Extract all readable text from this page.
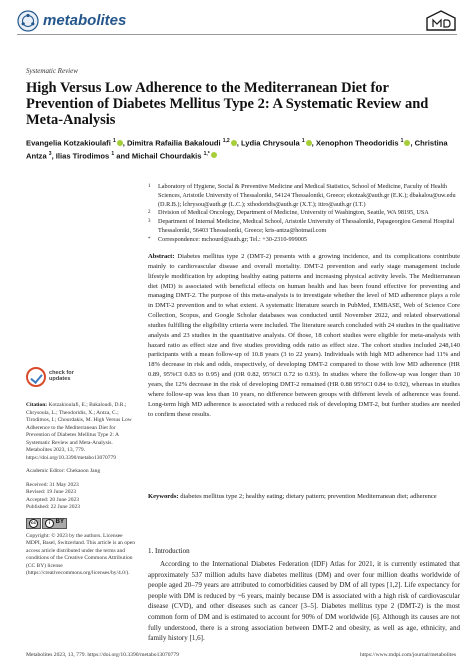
metabolites
Systematic Review
High Versus Low Adherence to the Mediterranean Diet for Prevention of Diabetes Mellitus Type 2: A Systematic Review and Meta-Analysis
Evangelia Kotzakioulafi $^1$ , Dimitra Rafailia Bakaloudi $^{1,2}$ , Lydia Chrysoula $^1$ , Xenophon Theodoridis $^1$ , Christina Antza $^3$, Ilias Tirodimos $^1$ and Michail Chourdakis $^{1,*}$
1	Laboratory of Hygiene, Social & Preventive Medicine and Medical Statistics, School of Medicine, Faculty of Health Sciences, Aristotle University of Thessaloniki, 54124 Thessaloniki, Greece; ekotzak@auth.gr (E.K.); dbakalou@uw.edu (D.R.B.); lchrysou@auth.gr (L.C.); xthodoridis@auth.gr (X.T.); itiro@auth.gr (I.T.)
2	Division of Medical Oncology, Department of Medicine, University of Washington, Seattle, WA 98195, USA
3	Department of Internal Medicine, Medical School, Aristotle University of Thessaloniki, Papageorgiou General Hospital Thessaloniki, 56403 Thessaloniki, Greece; kris-antza@hotmail.com
*	Correspondence: mchourd@auth.gr; Tel.: +30-2310-999005
Abstract: Diabetes mellitus type 2 (DMT-2) presents with a growing incidence, and its complications contribute mainly to cardiovascular disease and overall mortality. DMT-2 prevention and early stage management include lifestyle modification by adopting healthy eating patterns and increasing physical activity levels. The Mediterranean diet (MD) is associated with beneficial effects on human health and has been found effective for preventing and managing DMT-2. The purpose of this meta-analysis is to investigate whether the level of MD adherence plays a role in DMT-2 prevention and to what extent. A systematic literature search in PubMed, EMBASE, Web of Science Core Collection, Scopus, and Google Scholar databases was conducted until November 2022, and related observational studies fulfilling the eligibility criteria were included. The literature search concluded with 24 studies in the qualitative analysis and 23 studies in the quantitative analysis. Of those, 18 cohort studies were eligible for meta-analysis with hazard ratio as effect size and five studies providing odds ratio as effect size. The cohort studies included 248,140 participants with a mean follow-up of 10.8 years (3 to 22 years). Individuals with high MD adherence had 11% and 18% decrease in risk and odds, respectively, of developing DMT-2 compared to those with low MD adherence (HR 0.89, 95%CI 0.83 to 0.95) and (OR 0.82, 95%CI 0.72 to 0.93). In studies where the follow-up was longer than 10 years, the 12% decrease in the risk of developing DMT-2 remained (HR 0.88 95%CI 0.84 to 0.92), whereas in studies where follow-up was less than 10 years, no difference between groups with different levels of adherence was found. Long-term high MD adherence is associated with a reduced risk of developing DMT-2, but further studies are needed to confirm these results.
Keywords: diabetes mellitus type 2; healthy eating; dietary pattern; prevention Mediterranean diet; adherence
check for updates
Citation: Kotzakioulafi, E.; Bakaloudi, D.R.; Chrysoula, L.; Theodoridis, X.; Antza, C.; Tirodimos, I.; Chourdakis, M. High Versus Low Adherence to the Mediterranean Diet for Prevention of Diabetes Mellitus Type 2: A Systematic Review and Meta-Analysis. Metabolites 2023, 13, 779. https://doi.org/10.3390/metabo13070779
Academic Editor: Chekaoon Jang
Received: 31 May 2023
Revised: 19 June 2023
Accepted: 20 June 2023
Published: 22 June 2023
cc	i
BY
Copyright: © 2023 by the authors. Licensee MDPI, Basel, Switzerland. This article is an open access article distributed under the terms and conditions of the Creative Commons Attribution (CC BY) license (https://creativecommons.org/licenses/by/4.0/).
1. Introduction
According to the International Diabetes Federation (IDF) Atlas for 2021, it is currently estimated that approximately 537 million adults have diabetes mellitus (DM) and over four million deaths worldwide of people aged 20–79 years are attributed to comorbidities caused by DM of all types [1,2]. Life expectancy for people with DM is reduced by ~6 years, mainly because DM is associated with a high risk of cardiovascular disease (CVD), and other diseases such as cancer [3–5]. Diabetes mellitus type 2 (DMT-2) is the most common form of DM and is estimated to account for 90% of DM worldwide [6]. Although its causes are not fully understood, there is a strong association between DMT-2 and obesity, as well as age, ethnicity, and family history [1,6].
Metabolites 2023, 13, 779. https://doi.org/10.3390/metabo13070779	https://www.mdpi.com/journal/metabolites
